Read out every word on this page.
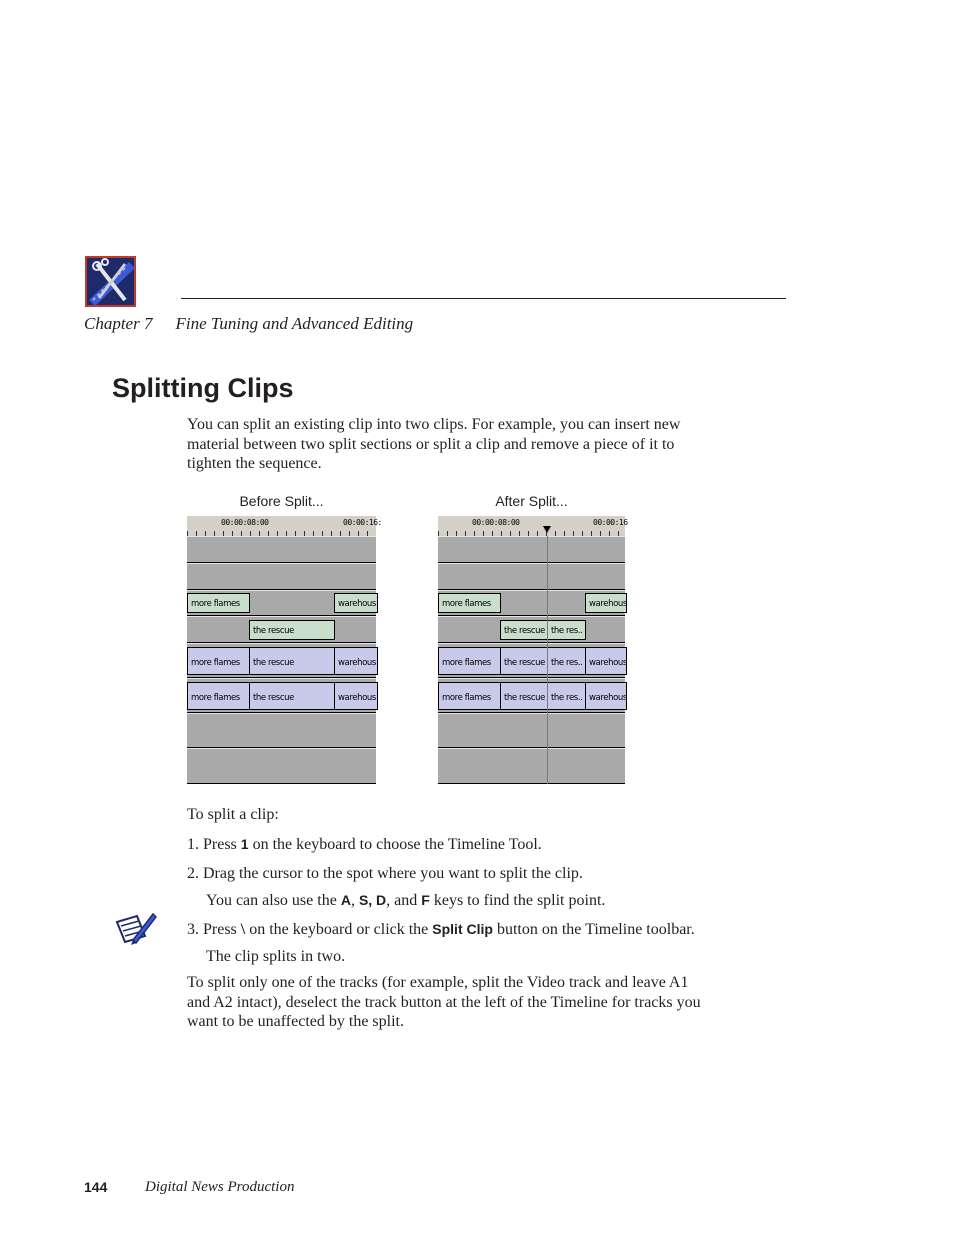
Chapter 7 Fine Tuning and Advanced Editing
Splitting Clips
You can split an existing clip into two clips. For example, you can insert new
material between two split sections or split a clip and remove a piece of it to
tighten the sequence.
Before Split...	After Split...
00:00:08:00	00:00:16:
more flames	warehous
the rescue
more flames	the rescue	warehous
more flames	the rescue	warehous
00:00:08:00	00:00:16
more flames	warehous
the rescue the res..
more flames	the rescue the res.. warehous
more flames	the rescue the res.. warehous
To split a clip:
1. Press 1 on the keyboard to choose the Timeline Tool.
2. Drag the cursor to the spot where you want to split the clip.
You can also use the A, S, D, and F keys to find the split point.
3. Press \ on the keyboard or click the Split Clip button on the Timeline toolbar.
The clip splits in two.
To split only one of the tracks (for example, split the Video track and leave A1
and A2 intact), deselect the track button at the left of the Timeline for tracks you
want to be unaffected by the split.
144	Digital News Production
